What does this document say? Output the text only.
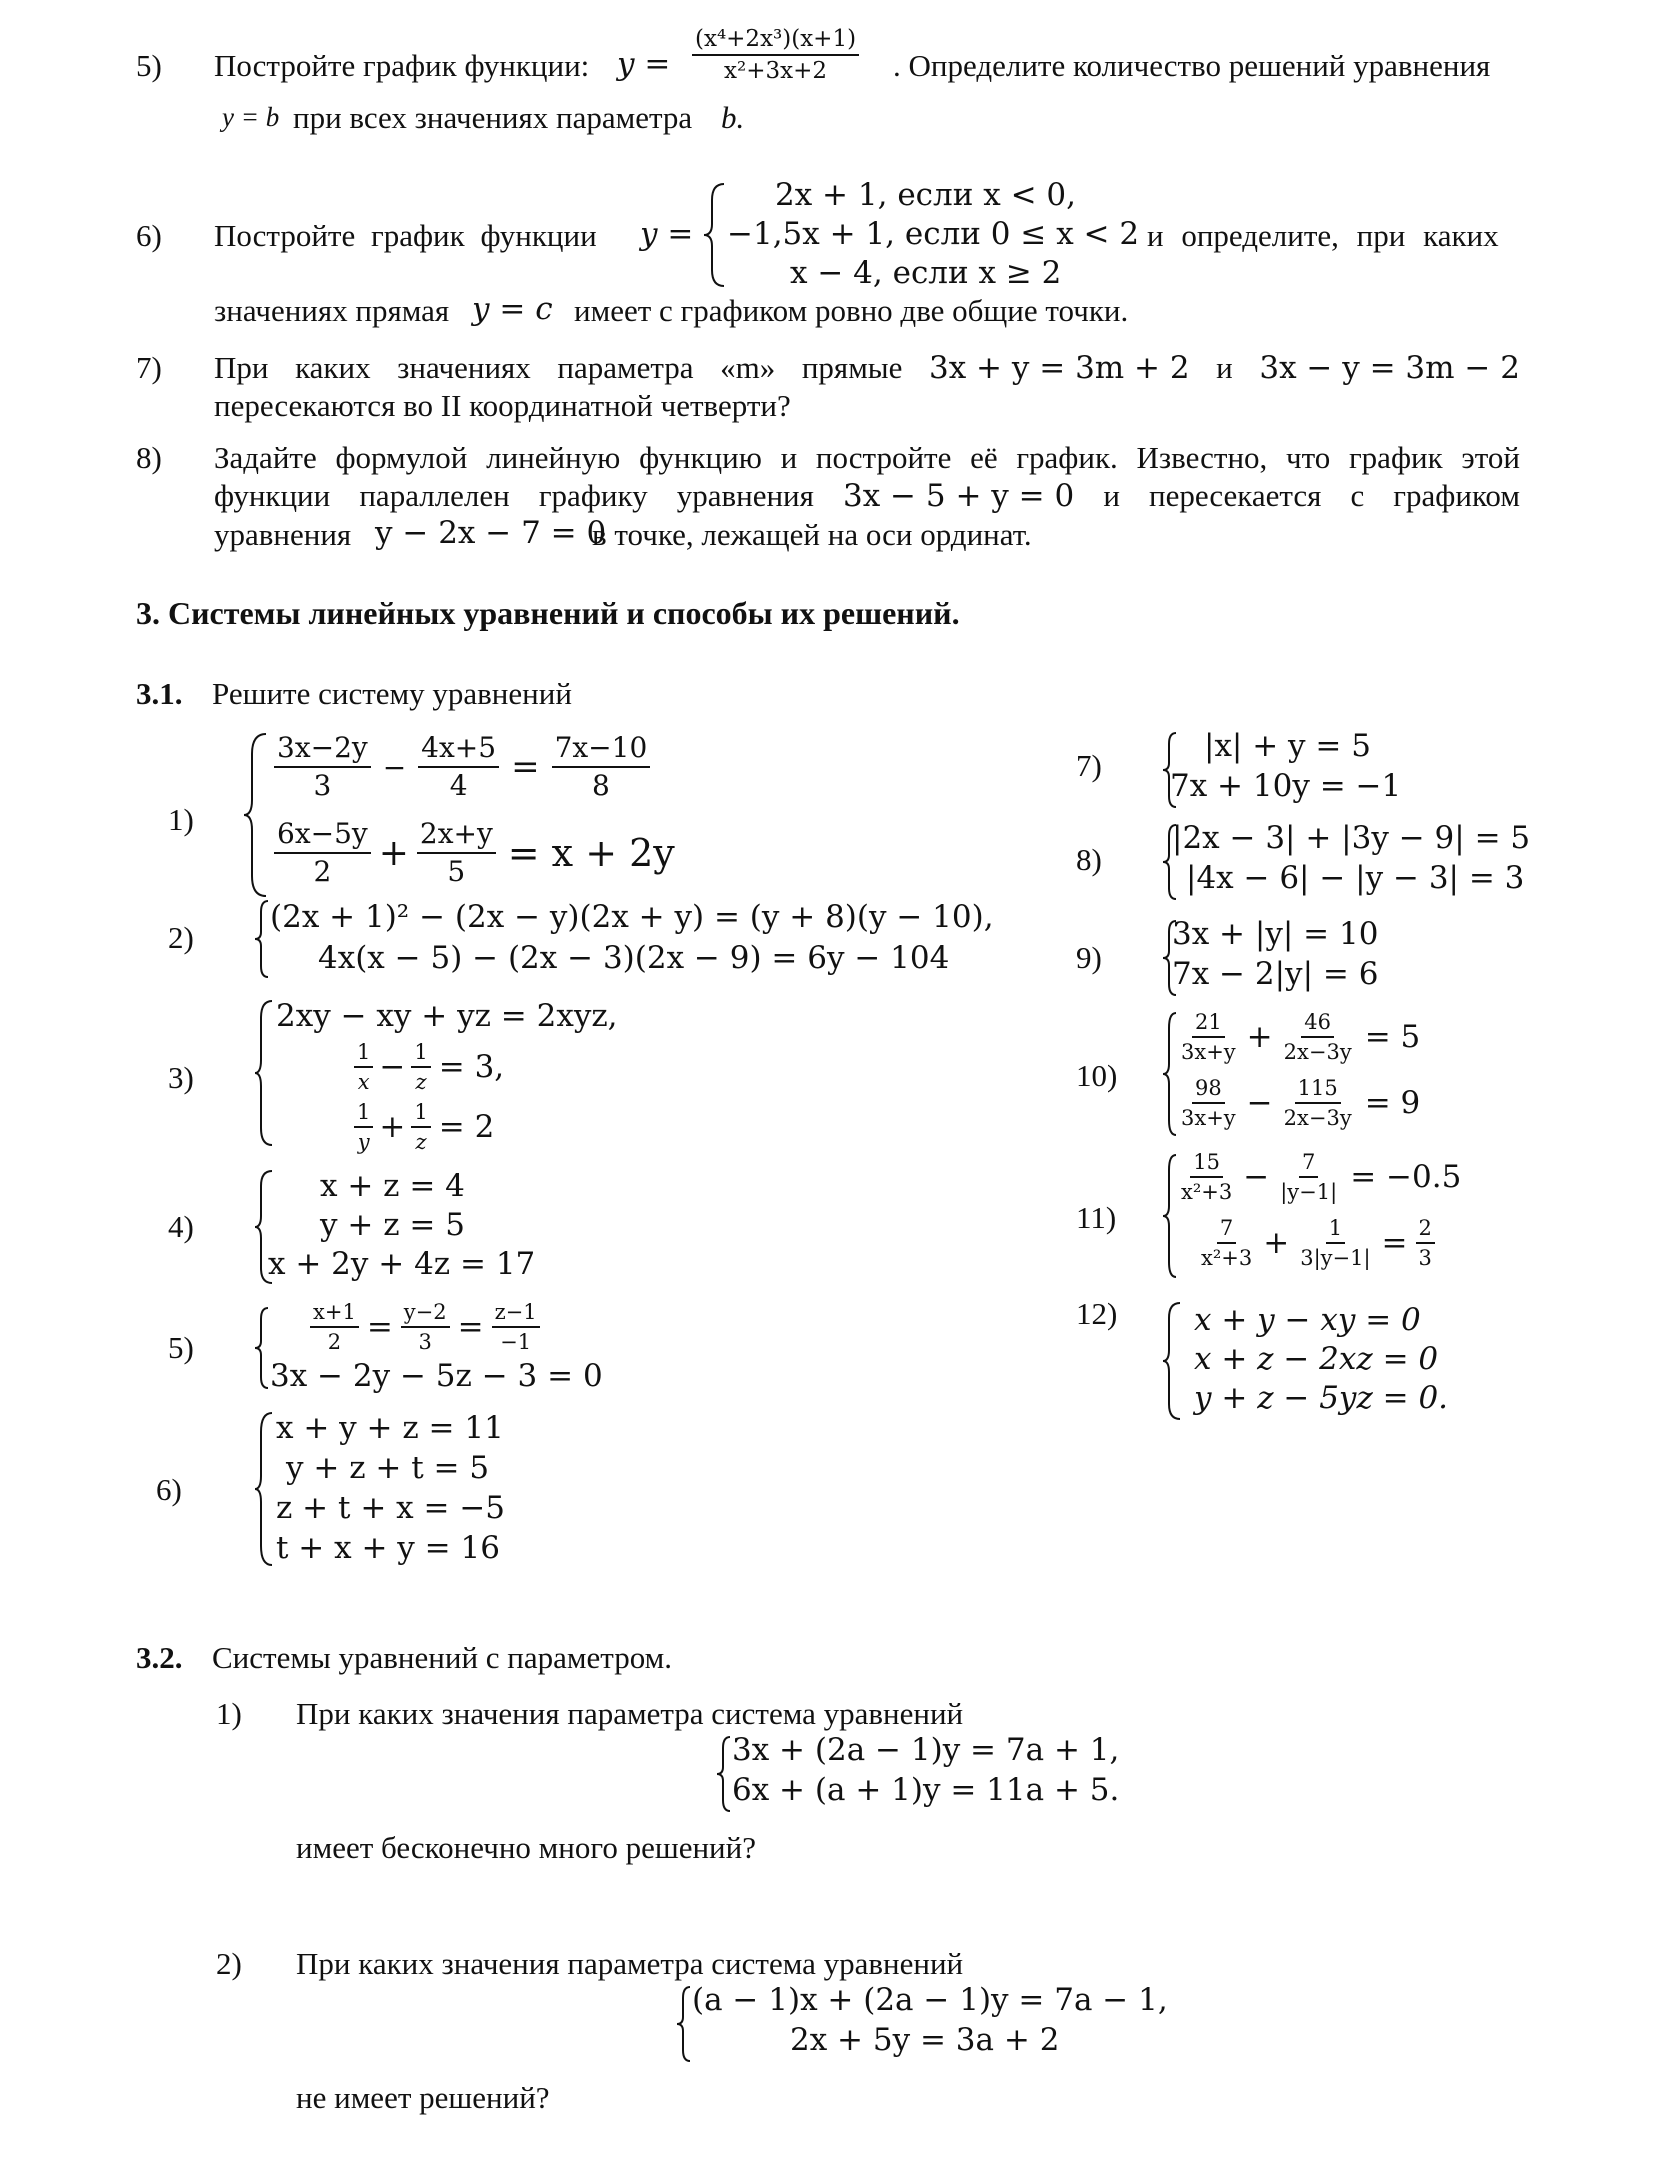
5) Постройте график функции: $y = \frac{\text{(x⁴+2x³)(x+1)}}{\text{x²+3x+2}}$ . Определите количество решений уравнения
y = b при всех значениях параметра b.
6) Постройте график функции y =
2x + 1, если x < 0,
−1,5x + 1, если 0 ≤ x < 2
x − 4, если x ≥ 2
и определите, при каких
значениях прямая y = c имеет с графиком ровно две общие точки.
7) При каких значениях параметра «m» прямые 3x + y = 3m + 2 и 3x − y = 3m − 2
пересекаются во II координатной четверти?
8) Задайте формулой линейную функцию и постройте её график. Известно, что график этой
функции параллелен графику уравнения 3x − 5 + y = 0 и пересекается с графиком
уравнения y − 2x − 7 = 0
в точке, лежащей на оси ординат.
3. Системы линейных уравнений и способы их решений.
3.1. Решите систему уравнений
1)
$\frac{3x-2y}{3} - \frac{4x+5}{4} = \frac{7x-10}{8}$
$\frac{6x-5y}{2} + \frac{2x+y}{5} = x + 2y$
2)
(2x + 1)² − (2x − y)(2x + y) = (y + 8)(y − 10),
4x(x − 5) − (2x − 3)(2x − 9) = 6y − 104
3)
2xy − xy + yz = 2xyz,
$\frac{1}{x} - \frac{1}{z} = 3$,
$\frac{1}{y} + \frac{1}{z} = 2$
4)
x + z = 4
y + z = 5
x + 2y + 4z = 17
5)	$\frac{x+1}{2} = \frac{y-2}{3} = \frac{z-1}{-1}$
3x − 2y − 5z − 3 = 0
6)
x + y + z = 11
y + z + t = 5
z + t + x = −5
t + x + y = 16
7)
|x| + y = 5
7x + 10y = −1
8)
|2x − 3| + |3y − 9| = 5
|4x − 6| − |y − 3| = 3
9)
3x + |y| = 10
7x − 2|y| = 6
10)
$\frac{21}{3x+y} + \frac{46}{2x-3y} = 5$
$\frac{98}{3x+y} - \frac{115}{2x-3y} = 9$
11)
$\frac{15}{\text{x²+3}} - \frac{7}{|y-1|} = -0.5$
$\frac{7}{\text{x²+3}} + \frac{1}{3|y-1|} = \frac{2}{3}$
12) x + y − xy = 0
x + z − 2xz = 0
y + z − 5yz = 0.
3.2. Системы уравнений с параметром.
1) При каких значения параметра система уравнений
3x + (2a − 1)y = 7a + 1,
6x + (a + 1)y = 11a + 5.
имеет бесконечно много решений?
2) При каких значения параметра система уравнений
(a − 1)x + (2a − 1)y = 7a − 1,
2x + 5y = 3a + 2
не имеет решений?
